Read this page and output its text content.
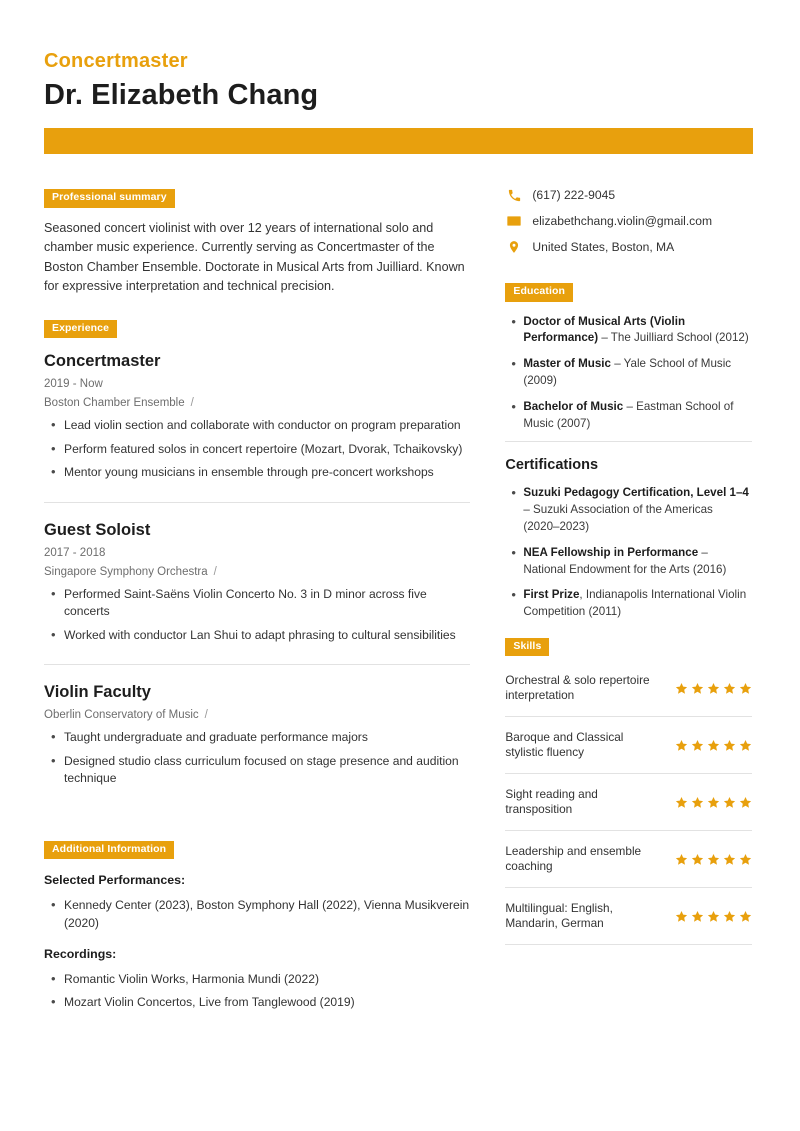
Concertmaster
Dr. Elizabeth Chang
Professional summary

Seasoned concert violinist with over 12 years of international solo and chamber music experience. Currently serving as Concertmaster of the Boston Chamber Ensemble. Doctorate in Musical Arts from Juilliard. Known for expressive interpretation and technical precision.

Experience
Concertmaster
2019 - Now
Boston Chamber Ensemble /
• Lead violin section and collaborate with conductor on program preparation
• Perform featured solos in concert repertoire (Mozart, Dvorak, Tchaikovsky)
• Mentor young musicians in ensemble through pre-concert workshops
Guest Soloist
2017 - 2018
Singapore Symphony Orchestra /
• Performed Saint-Saëns Violin Concerto No. 3 in D minor across five concerts
• Worked with conductor Lan Shui to adapt phrasing to cultural sensibilities
Violin Faculty
Oberlin Conservatory of Music /
• Taught undergraduate and graduate performance majors
• Designed studio class curriculum focused on stage presence and audition technique
Additional Information
Selected Performances:
• Kennedy Center (2023), Boston Symphony Hall (2022), Vienna Musikverein (2020)
Recordings:
• Romantic Violin Works, Harmonia Mundi (2022)
• Mozart Violin Concertos, Live from Tanglewood (2019)
(617) 222-9045
elizabethchang.violin@gmail.com
United States, Boston, MA
Education
• Doctor of Musical Arts (Violin Performance) – The Juilliard School (2012)
• Master of Music – Yale School of Music (2009)
• Bachelor of Music – Eastman School of Music (2007)
Certifications
• Suzuki Pedagogy Certification, Level 1–4 – Suzuki Association of the Americas (2020–2023)
• NEA Fellowship in Performance – National Endowment for the Arts (2016)
• First Prize, Indianapolis International Violin Competition (2011)
Skills
Orchestral & solo repertoire interpretation
Baroque and Classical stylistic fluency
Sight reading and transposition
Leadership and ensemble coaching
Multilingual: English, Mandarin, German
